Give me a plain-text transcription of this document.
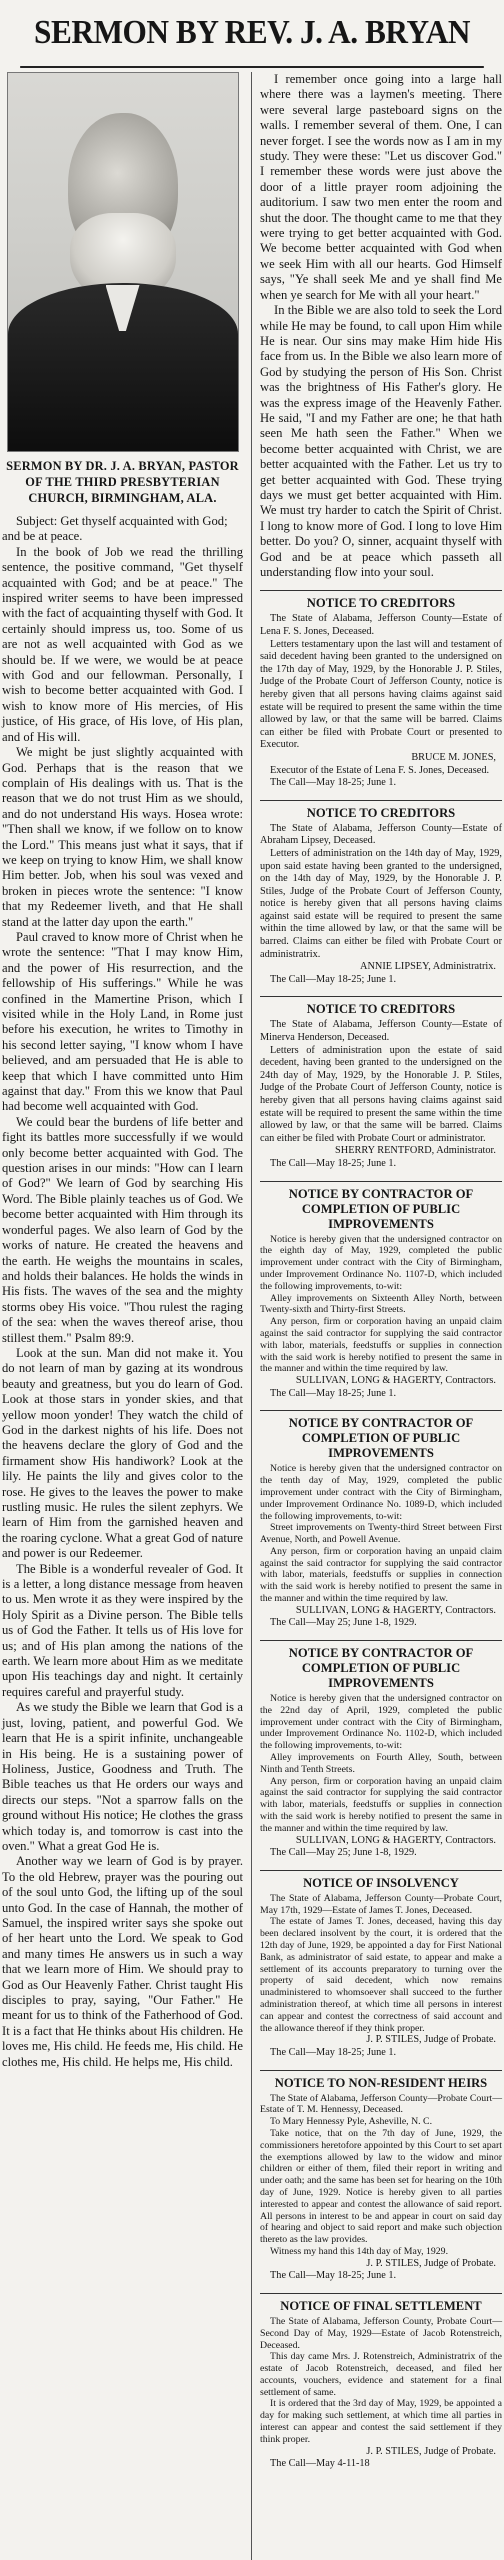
SERMON BY REV. J. A. BRYAN
SERMON BY DR. J. A. BRYAN, PASTOR OF THE THIRD PRESBYTERIAN CHURCH, BIRMINGHAM, ALA.

Subject: Get thyself acquainted with God; and be at peace.

In the book of Job we read the thrilling sentence, the positive command, "Get thyself acquainted with God; and be at peace." The inspired writer seems to have been impressed with the fact of acquainting thyself with God. It certainly should impress us, too. Some of us are not as well acquainted with God as we should be. If we were, we would be at peace with God and our fellowman. Personally, I wish to become better acquainted with God. I wish to know more of His mercies, of His justice, of His grace, of His love, of His plan, and of His will.

We might be just slightly acquainted with God. Perhaps that is the reason that we complain of His dealings with us. That is the reason that we do not trust Him as we should, and do not understand His ways. Hosea wrote: "Then shall we know, if we follow on to know the Lord." This means just what it says, that if we keep on trying to know Him, we shall know Him better. Job, when his soul was vexed and broken in pieces wrote the sentence: "I know that my Redeemer liveth, and that He shall stand at the latter day upon the earth."

Paul craved to know more of Christ when he wrote the sentence: "That I may know Him, and the power of His resurrection, and the fellowship of His sufferings." While he was confined in the Mamertine Prison, which I visited while in the Holy Land, in Rome just before his execution, he writes to Timothy in his second letter saying, "I know whom I have believed, and am persuaded that He is able to keep that which I have committed unto Him against that day." From this we know that Paul had become well acquainted with God.

We could bear the burdens of life better and fight its battles more successfully if we would only become better acquainted with God. The question arises in our minds: "How can I learn of God?" We learn of God by searching His Word. The Bible plainly teaches us of God. We become better acquainted with Him through its wonderful pages. We also learn of God by the works of nature. He created the heavens and the earth. He weighs the mountains in scales, and holds their balances. He holds the winds in His fists. The waves of the sea and the mighty storms obey His voice. "Thou rulest the raging of the sea: when the waves thereof arise, thou stillest them." Psalm 89:9.

Look at the sun. Man did not make it. You do not learn of man by gazing at its wondrous beauty and greatness, but you do learn of God. Look at those stars in yonder skies, and that yellow moon yonder! They watch the child of God in the darkest nights of his life. Does not the heavens declare the glory of God and the firmament show His handiwork? Look at the lily. He paints the lily and gives color to the rose. He gives to the leaves the power to make rustling music. He rules the silent zephyrs. We learn of Him from the garnished heaven and the roaring cyclone. What a great God of nature and power is our Redeemer.

The Bible is a wonderful revealer of God. It is a letter, a long distance message from heaven to us. Men wrote it as they were inspired by the Holy Spirit as a Divine person. The Bible tells us of God the Father. It tells us of His love for us; and of His plan among the nations of the earth. We learn more about Him as we meditate upon His teachings day and night. It certainly requires careful and prayerful study.

As we study the Bible we learn that God is a just, loving, patient, and powerful God. We learn that He is a spirit infinite, unchangeable in His being. He is a sustaining power of Holiness, Justice, Goodness and Truth. The Bible teaches us that He orders our ways and directs our steps. "Not a sparrow falls on the ground without His notice; He clothes the grass which today is, and tomorrow is cast into the oven." What a great God He is.

Another way we learn of God is by prayer. To the old Hebrew, prayer was the pouring out of the soul unto God, the lifting up of the soul unto God. In the case of Hannah, the mother of Samuel, the inspired writer says she spoke out of her heart unto the Lord. We speak to God and many times He answers us in such a way that we learn more of Him. We should pray to God as Our Heavenly Father. Christ taught His disciples to pray, saying, "Our Father." He meant for us to think of the Fatherhood of God. It is a fact that He thinks about His children. He loves me, His child. He feeds me, His child. He clothes me, His child. He helps me, His child.

I remember once going into a large hall where there was a laymen's meeting. There were several large pasteboard signs on the walls. I remember several of them. One, I can never forget. I see the words now as I am in my study. They were these: "Let us discover God." I remember these words were just above the door of a little prayer room adjoining the auditorium. I saw two men enter the room and shut the door. The thought came to me that they were trying to get better acquainted with God. We become better acquainted with God when we seek Him with all our hearts. God Himself says, "Ye shall seek Me and ye shall find Me when ye search for Me with all your heart."

In the Bible we are also told to seek the Lord while He may be found, to call upon Him while He is near. Our sins may make Him hide His face from us. In the Bible we also learn more of God by studying the person of His Son. Christ was the brightness of His Father's glory. He was the express image of the Heavenly Father. He said, "I and my Father are one; he that hath seen Me hath seen the Father." When we become better acquainted with Christ, we are better acquainted with the Father. Let us try to get better acquainted with God. These trying days we must get better acquainted with Him. We must try harder to catch the Spirit of Christ. I long to know more of God. I long to love Him better. Do you? O, sinner, acquaint thyself with God and be at peace which passeth all understanding flow into your soul.

NOTICE TO CREDITORS

The State of Alabama, Jefferson County—Estate of Lena F. S. Jones, Deceased.

Letters testamentary upon the last will and testament of said decedent having been granted to the undersigned on the 17th day of May, 1929, by the Honorable J. P. Stiles, Judge of the Probate Court of Jefferson County, notice is hereby given that all persons having claims against said estate will be required to present the same within the time allowed by law, or that the same will be barred. Claims can either be filed with Probate Court or presented to Executor.

BRUCE M. JONES,

Executor of the Estate of Lena F. S. Jones, Deceased.

The Call—May 18-25; June 1.

NOTICE TO CREDITORS

The State of Alabama, Jefferson County—Estate of Abraham Lipsey, Deceased.

Letters of administration on the 14th day of May, 1929, upon said estate having been granted to the undersigned, on the 14th day of May, 1929, by the Honorable J. P. Stiles, Judge of the Probate Court of Jefferson County, notice is hereby given that all persons having claims against said estate will be required to present the same within the time allowed by law, or that the same will be barred. Claims can either be filed with Probate Court or administratrix.

ANNIE LIPSEY, Administratrix.

The Call—May 18-25; June 1.

NOTICE TO CREDITORS

The State of Alabama, Jefferson County—Estate of Minerva Henderson, Deceased.

Letters of administration upon the estate of said decedent, having been granted to the undersigned on the 24th day of May, 1929, by the Honorable J. P. Stiles, Judge of the Probate Court of Jefferson County, notice is hereby given that all persons having claims against said estate will be required to present the same within the time allowed by law, or that the same will be barred. Claims can either be filed with Probate Court or administrator.

SHERRY RENTFORD, Administrator.

The Call—May 18-25; June 1.

NOTICE BY CONTRACTOR OF COMPLETION OF PUBLIC IMPROVEMENTS

Notice is hereby given that the undersigned contractor on the eighth day of May, 1929, completed the public improvement under contract with the City of Birmingham, under Improvement Ordinance No. 1107-D, which included the following improvements, to-wit:

Alley improvements on Sixteenth Alley North, between Twenty-sixth and Thirty-first Streets.

Any person, firm or corporation having an unpaid claim against the said contractor for supplying the said contractor with labor, materials, feedstuffs or supplies in connection with the said work is hereby notified to present the same in the manner and within the time required by law.

SULLIVAN, LONG & HAGERTY, Contractors.

The Call—May 18-25; June 1.

NOTICE BY CONTRACTOR OF COMPLETION OF PUBLIC IMPROVEMENTS

Notice is hereby given that the undersigned contractor on the tenth day of May, 1929, completed the public improvement under contract with the City of Birmingham, under Improvement Ordinance No. 1089-D, which included the following improvements, to-wit:

Street improvements on Twenty-third Street between First Avenue, North, and Powell Avenue.

Any person, firm or corporation having an unpaid claim against the said contractor for supplying the said contractor with labor, materials, feedstuffs or supplies in connection with the said work is hereby notified to present the same in the manner and within the time required by law.

SULLIVAN, LONG & HAGERTY, Contractors.

The Call—May 25; June 1-8, 1929.

NOTICE BY CONTRACTOR OF COMPLETION OF PUBLIC IMPROVEMENTS

Notice is hereby given that the undersigned contractor on the 22nd day of April, 1929, completed the public improvement under contract with the City of Birmingham, under Improvement Ordinance No. 1102-D, which included the following improvements, to-wit:

Alley improvements on Fourth Alley, South, between Ninth and Tenth Streets.

Any person, firm or corporation having an unpaid claim against the said contractor for supplying the said contractor with labor, materials, feedstuffs or supplies in connection with the said work is hereby notified to present the same in the manner and within the time required by law.

SULLIVAN, LONG & HAGERTY, Contractors.

The Call—May 25; June 1-8, 1929.

NOTICE OF INSOLVENCY

The State of Alabama, Jefferson County—Probate Court, May 17th, 1929—Estate of James T. Jones, Deceased.

The estate of James T. Jones, deceased, having this day been declared insolvent by the court, it is ordered that the 12th day of June, 1929, be appointed a day for First National Bank, as administrator of said estate, to appear and make a settlement of its accounts preparatory to turning over the property of said decedent, which now remains unadministered to whomsoever shall succeed to the further administration thereof, at which time all persons in interest can appear and contest the correctness of said account and the allowance thereof if they think proper.

J. P. STILES, Judge of Probate.

The Call—May 18-25; June 1.

NOTICE TO NON-RESIDENT HEIRS

The State of Alabama, Jefferson County—Probate Court—Estate of T. M. Hennessy, Deceased.

To Mary Hennessy Pyle, Asheville, N. C.

Take notice, that on the 7th day of June, 1929, the commissioners heretofore appointed by this Court to set apart the exemptions allowed by law to the widow and minor children or either of them, filed their report in writing and under oath; and the same has been set for hearing on the 10th day of June, 1929. Notice is hereby given to all parties interested to appear and contest the allowance of said report. All persons in interest to be and appear in court on said day of hearing and object to said report and make such objection thereto as the law provides.

Witness my hand this 14th day of May, 1929.

J. P. STILES, Judge of Probate.

The Call—May 18-25; June 1.

NOTICE OF FINAL SETTLEMENT

The State of Alabama, Jefferson County, Probate Court—Second Day of May, 1929—Estate of Jacob Rotenstreich, Deceased.

This day came Mrs. J. Rotenstreich, Administratrix of the estate of Jacob Rotenstreich, deceased, and filed her accounts, vouchers, evidence and statement for a final settlement of same.

It is ordered that the 3rd day of May, 1929, be appointed a day for making such settlement, at which time all parties in interest can appear and contest the said settlement if they think proper.

J. P. STILES, Judge of Probate.

The Call—May 4-11-18
